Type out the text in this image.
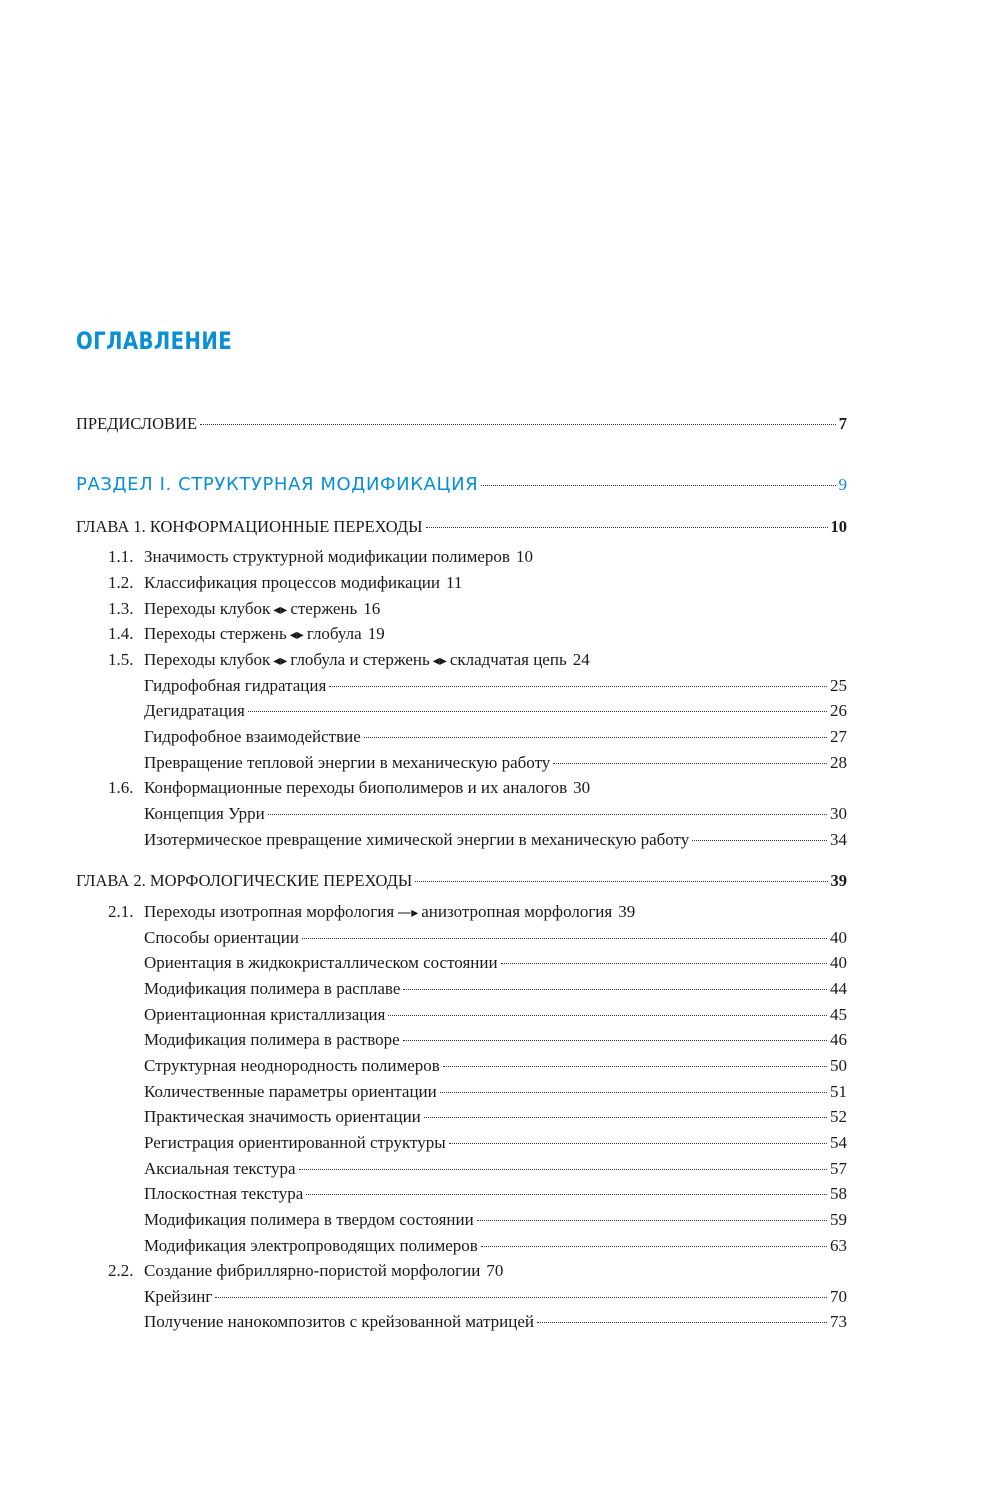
ОГЛАВЛЕНИЕ
ПРЕДИСЛОВИЕ	7
РАЗДЕЛ I. СТРУКТУРНАЯ МОДИФИКАЦИЯ	9
ГЛАВА 1. КОНФОРМАЦИОННЫЕ ПЕРЕХОДЫ	10
1.1. Значимость структурной модификации полимеров 10
1.2. Классификация процессов модификации 11
1.3. Переходы клубок ◂▸ стержень 16
1.4. Переходы стержень ◂▸ глобула 19
1.5. Переходы клубок ◂▸ глобула и стержень ◂▸ складчатая цепь 24
Гидрофобная гидратация	25
Дегидратация	26
Гидрофобное взаимодействие	27
Превращение тепловой энергии в механическую работу	28
1.6. Конформационные переходы биополимеров и их аналогов 30
Концепция Урри	30
Изотермическое превращение химической энергии в механическую работу	34
ГЛАВА 2. МОРФОЛОГИЧЕСКИЕ ПЕРЕХОДЫ	39
2.1. Переходы изотропная морфология —▸ анизотропная морфология 39
Способы ориентации	40
Ориентация в жидкокристаллическом состоянии	40
Модификация полимера в расплаве	44
Ориентационная кристаллизация	45
Модификация полимера в растворе	46
Структурная неоднородность полимеров	50
Количественные параметры ориентации	51
Практическая значимость ориентации	52
Регистрация ориентированной структуры	54
Аксиальная текстура	57
Плоскостная текстура	58
Модификация полимера в твердом состоянии	59
Модификация электропроводящих полимеров	63
2.2. Создание фибриллярно-пористой морфологии 70
Крейзинг	70
Получение нанокомпозитов с крейзованной матрицей	73
